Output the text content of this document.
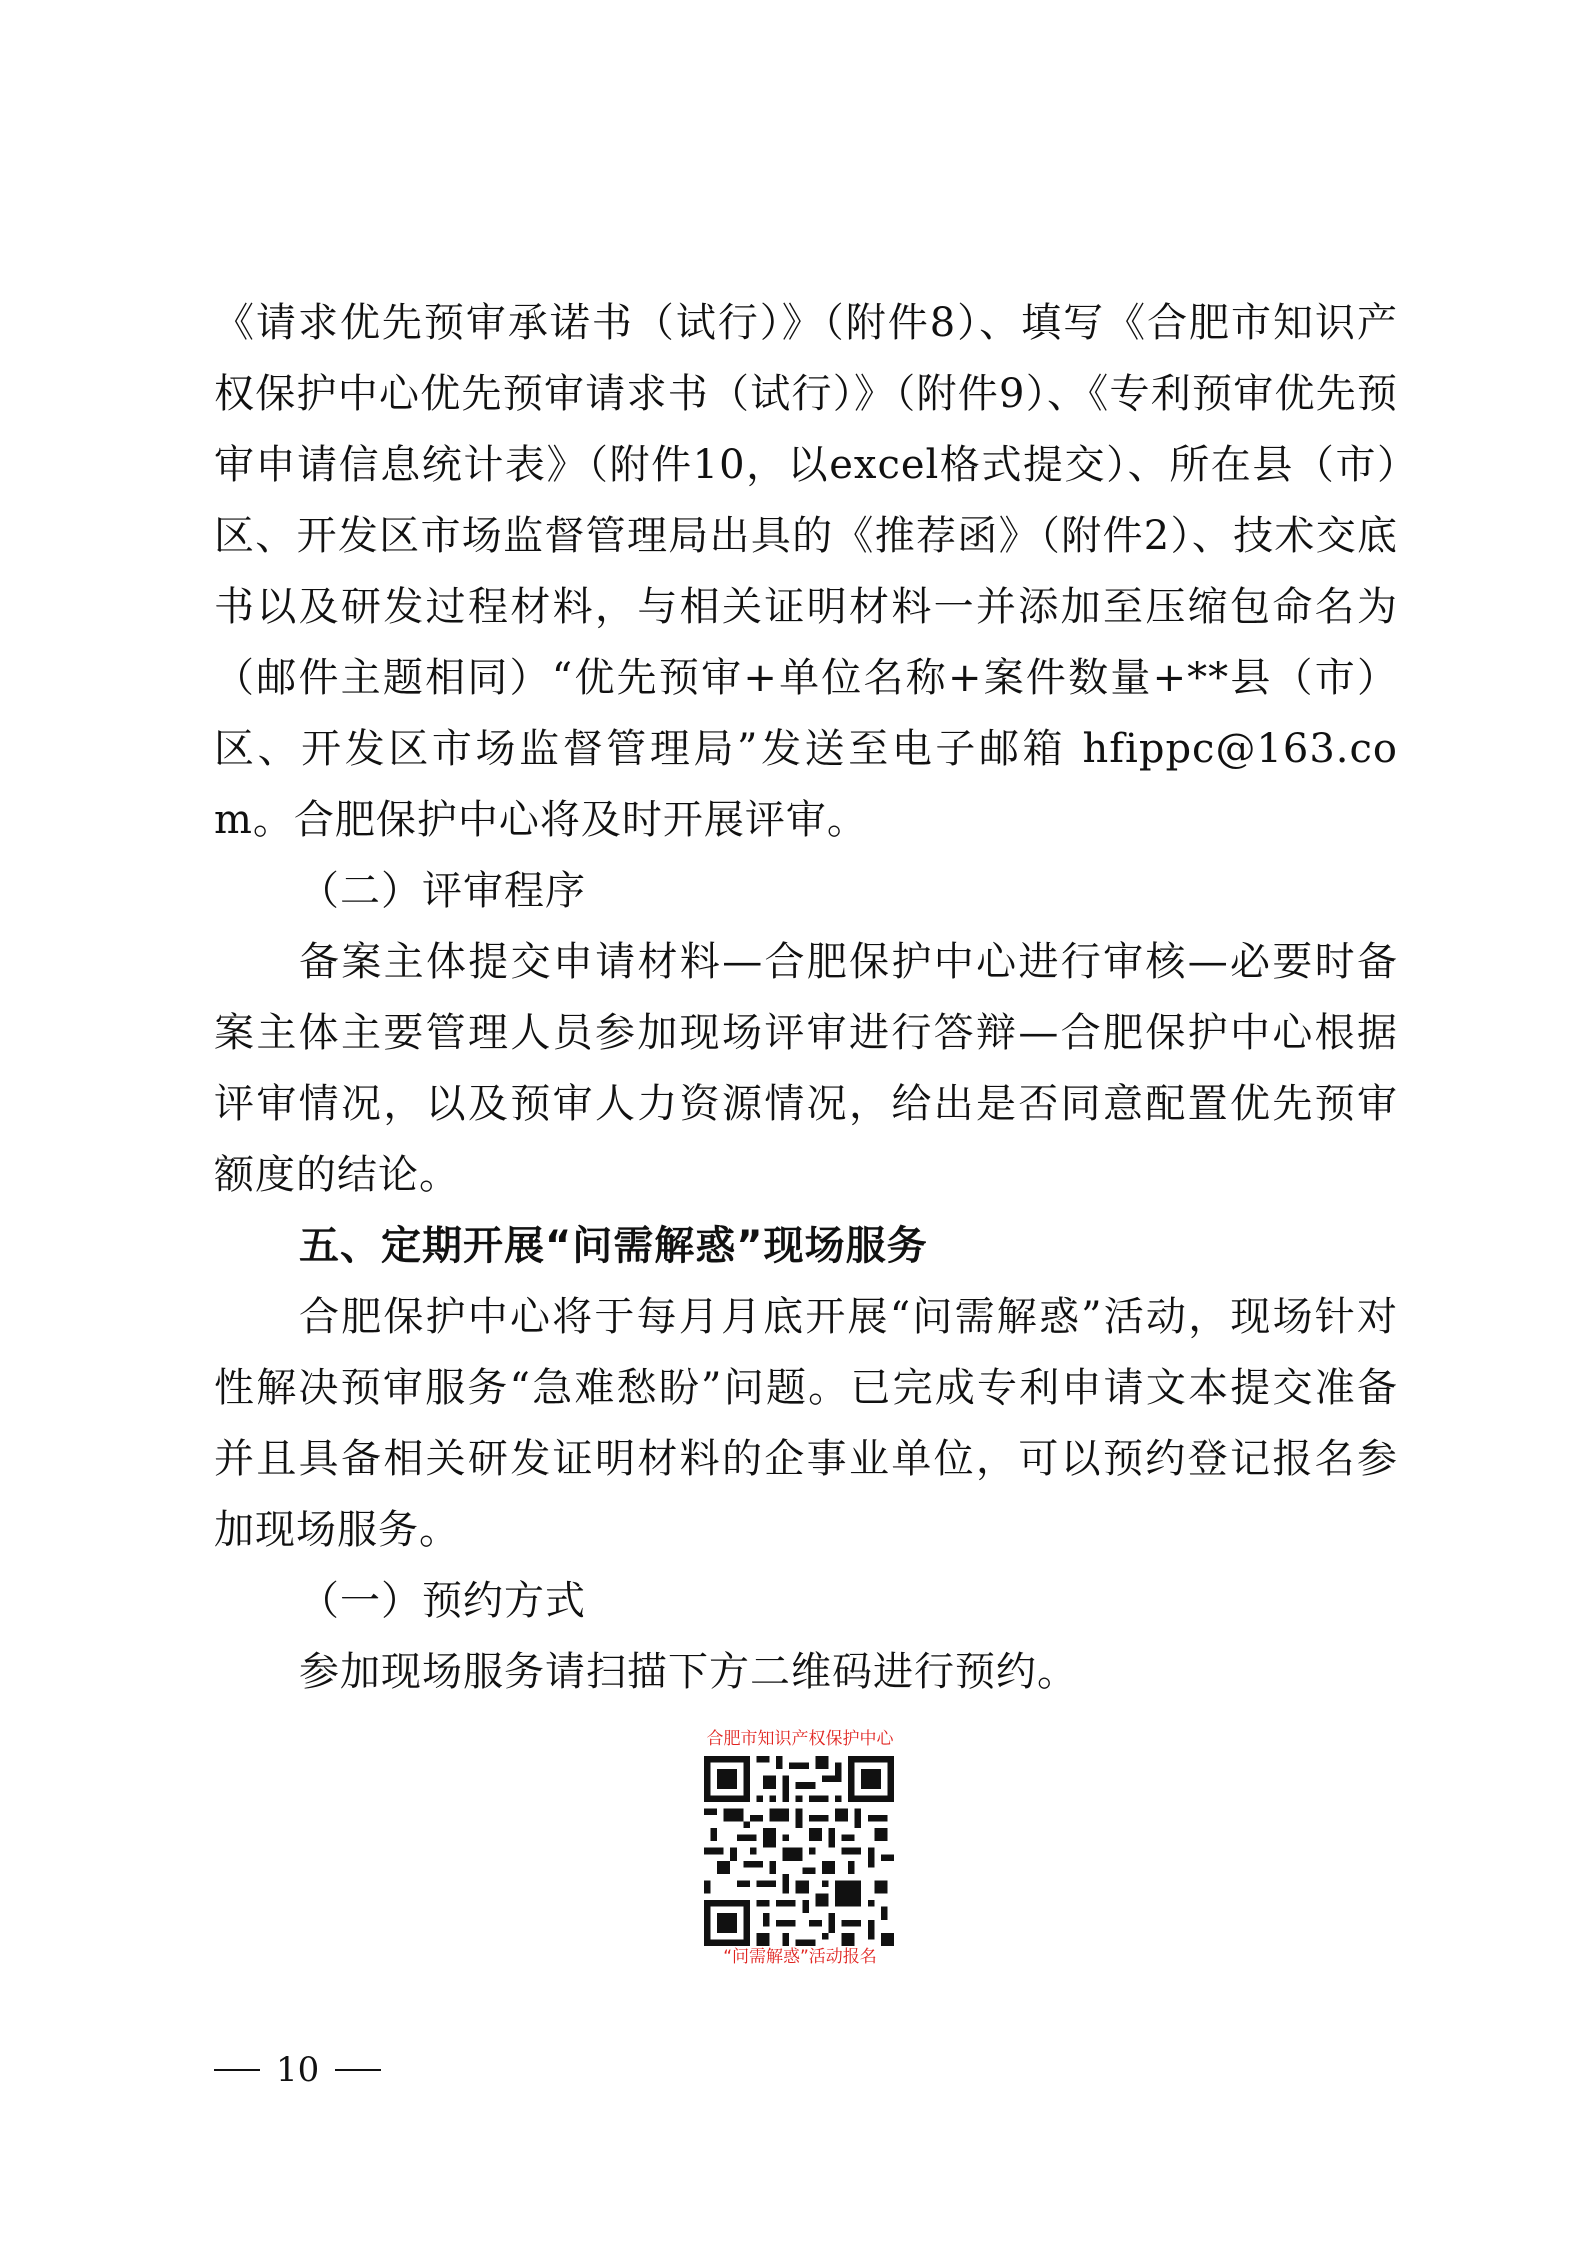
《请求优先预审承诺书（试行）》（附件8）、填写《合肥市知识产权保护中心优先预审请求书（试行）》（附件9）、《专利预审优先预审申请信息统计表》（附件10，以excel格式提交）、所在县（市）区、开发区市场监督管理局出具的《推荐函》（附件2）、技术交底书以及研发过程材料，与相关证明材料一并添加至压缩包命名为（邮件主题相同）“优先预审+单位名称+案件数量+**县（市）区、开发区市场监督管理局”发送至电子邮箱 hfippc@163.com。合肥保护中心将及时开展评审。

（二）评审程序

备案主体提交申请材料—合肥保护中心进行审核—必要时备案主体主要管理人员参加现场评审进行答辩—合肥保护中心根据评审情况，以及预审人力资源情况，给出是否同意配置优先预审额度的结论。

五、定期开展“问需解惑”现场服务

合肥保护中心将于每月月底开展“问需解惑”活动，现场针对性解决预审服务“急难愁盼”问题。已完成专利申请文本提交准备并且具备相关研发证明材料的企事业单位，可以预约登记报名参加现场服务。

（一）预约方式

参加现场服务请扫描下方二维码进行预约。

合肥市知识产权保护中心
“问需解惑”活动报名
10
